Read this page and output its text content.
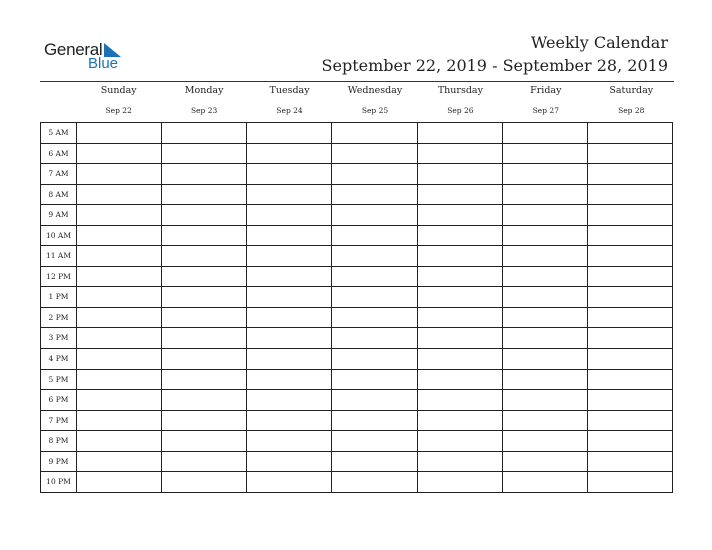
General
Blue
Weekly Calendar
September 22, 2019 - September 28, 2019
Sunday
Sep 22
Monday
Sep 23
Tuesday
Sep 24
Wednesday
Sep 25
Thursday
Sep 26
Friday
Sep 27
Saturday
Sep 28
5 AM
6 AM
7 AM
8 AM
9 AM
10 AM
11 AM
12 PM
1 PM
2 PM
3 PM
4 PM
5 PM
6 PM
7 PM
8 PM
9 PM
10 PM
